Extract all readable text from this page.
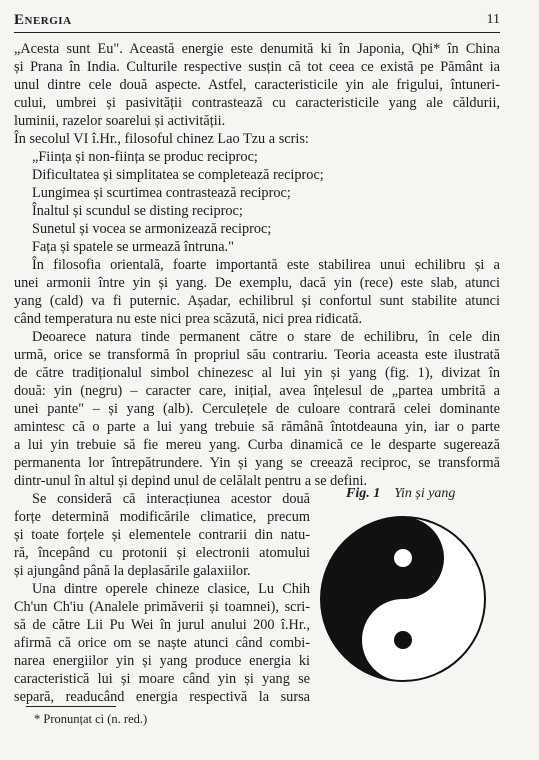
Energia	11
„Acesta sunt Eu". Această energie este denumită ki în Japonia, Qhi* în China
și Prana în India. Culturile respective susțin că tot ceea ce există pe Pământ ia
unul dintre cele două aspecte. Astfel, caracteristicile yin ale frigului, întuneri-
cului, umbrei și pasivității contrastează cu caracteristicile yang ale căldurii,
luminii, razelor soarelui și activității.
În secolul VI î.Hr., filosoful chinez Lao Tzu a scris:
„Ființa și non-ființa se produc reciproc;
Dificultatea și simplitatea se completează reciproc;
Lungimea și scurtimea contrastează reciproc;
Înaltul și scundul se disting reciproc;
Sunetul și vocea se armonizează reciproc;
Fața și spatele se urmează întruna."
În filosofia orientală, foarte importantă este stabilirea unui echilibru și a
unei armonii între yin și yang. De exemplu, dacă yin (rece) este slab, atunci
yang (cald) va fi puternic. Așadar, echilibrul și confortul sunt stabilite atunci
când temperatura nu este nici prea scăzută, nici prea ridicată.
Deoarece natura tinde permanent către o stare de echilibru, în cele din
urmă, orice se transformă în propriul său contrariu. Teoria aceasta este ilustrată
de către tradiționalul simbol chinezesc al lui yin și yang (fig. 1), divizat în
două: yin (negru) – caracter care, inițial, avea înțelesul de „partea umbrită a
unei pante" – și yang (alb). Cerculețele de culoare contrară celei dominante
amintesc că o parte a lui yang trebuie să rămână întotdeauna yin, iar o parte
a lui yin trebuie să fie mereu yang. Curba dinamică ce le desparte sugerează
permanenta lor întrepătrundere. Yin și yang se creează reciproc, se transformă
dintr-unul în altul și depind unul de celălalt pentru a se defini.
Se consideră că interacțiunea acestor două
forțe determină modificările climatice, precum
și toate forțele și elementele contrarii din natu-
ră, începând cu protonii și electronii atomului
și ajungând până la deplasările galaxiilor.
Una dintre operele chineze clasice, Lu Chih
Ch'un Ch'iu (Analele primăverii și toamnei), scri-
să de către Lii Pu Wei în jurul anului 200 î.Hr.,
afirmă că orice om se naște atunci când combi-
narea energiilor yin și yang produce energia ki
caracteristică lui și moare când yin și yang se
separă, readucând energia respectivă la sursa
Fig. 1 Yin și yang
* Pronunțat ci (n. red.)
